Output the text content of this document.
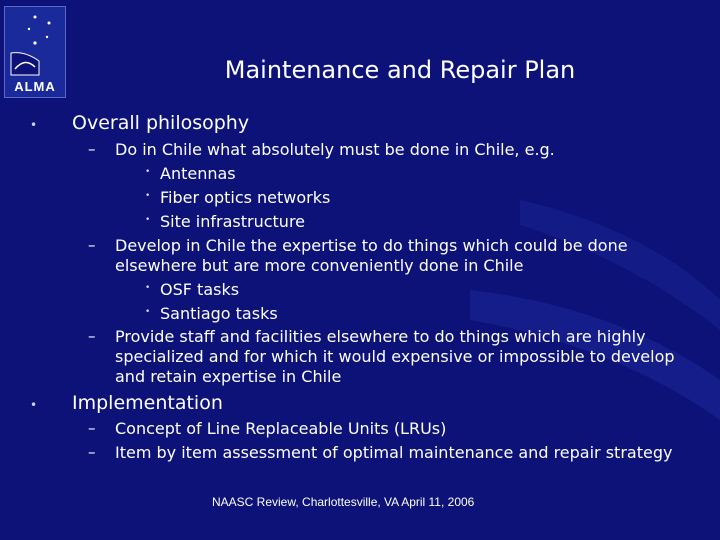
ALMA
Maintenance and Repair Plan
• Overall philosophy
– Do in Chile what absolutely must be done in Chile, e.g.
• Antennas
• Fiber optics networks
• Site infrastructure
– Develop in Chile the expertise to do things which could be done elsewhere but are more conveniently done in Chile
• OSF tasks
• Santiago tasks
– Provide staff and facilities elsewhere to do things which are highly specialized and for which it would expensive or impossible to develop and retain expertise in Chile
• Implementation
– Concept of Line Replaceable Units (LRUs)
– Item by item assessment of optimal maintenance and repair strategy
NAASC Review, Charlottesville, VA April 11, 2006
